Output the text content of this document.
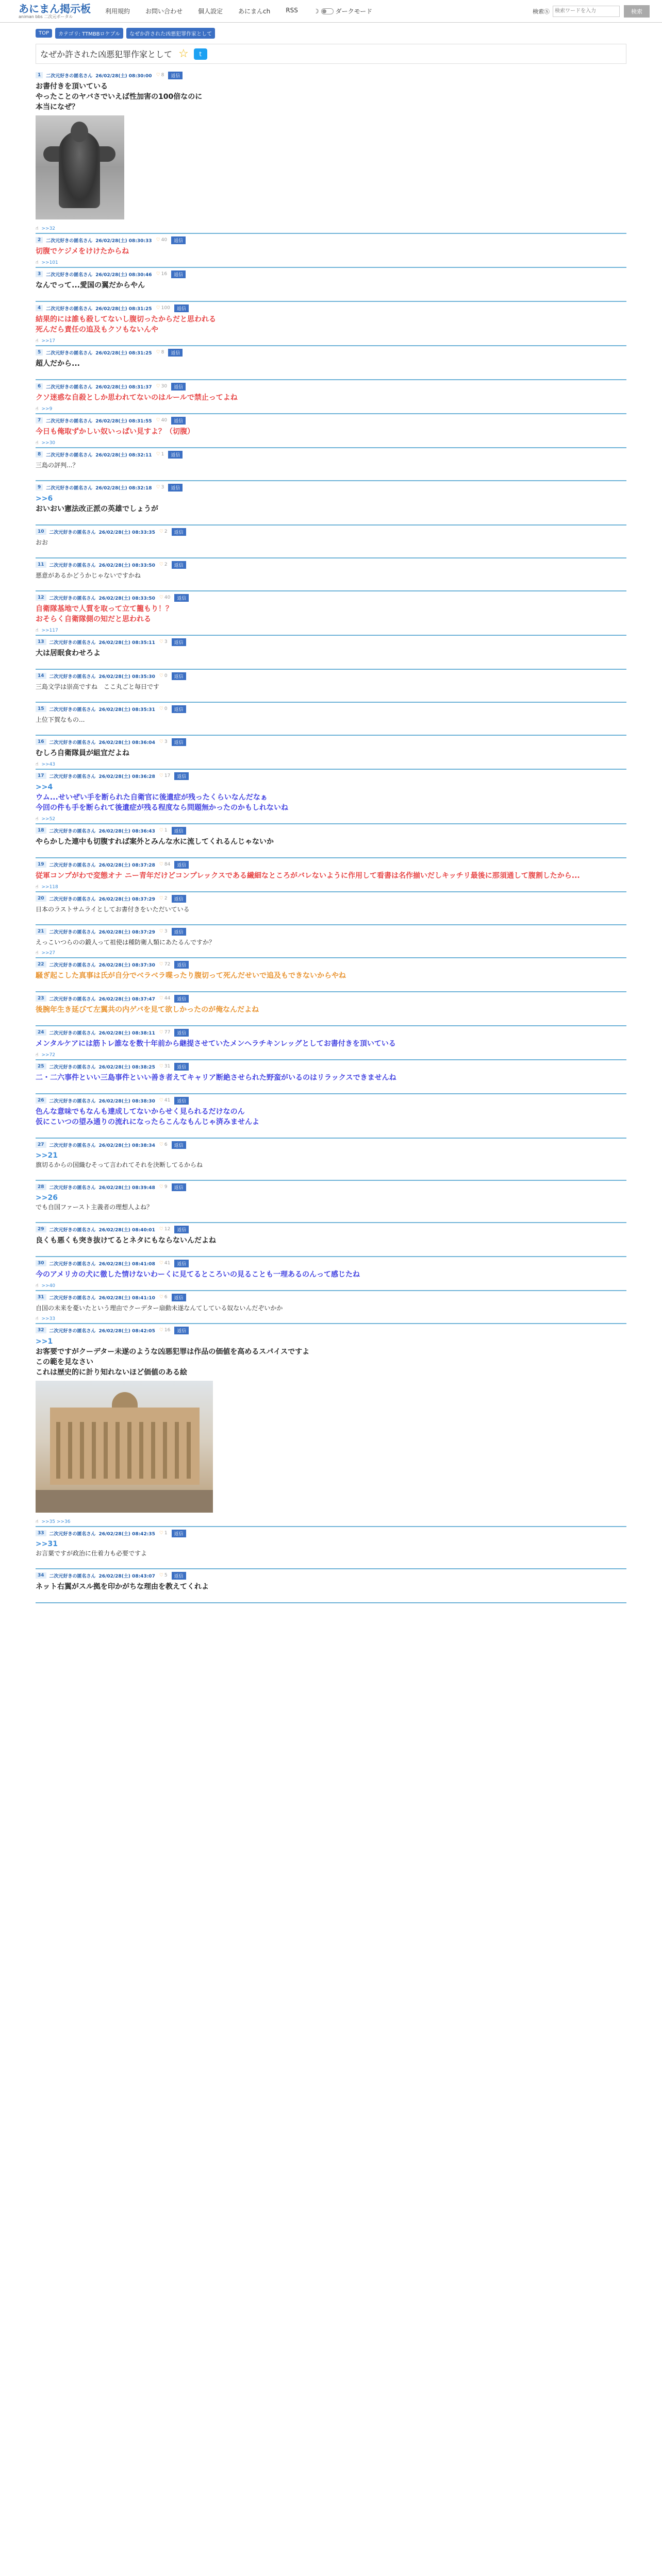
あにまん掲示板
animan bbs 二次元ポータル
利用規約	お問い合わせ	個人設定	あにまんch	RSS	☽	ダークモード	検索Ⓢ
検索ワードを入力	検索
TOP	カテゴリ: TTMBBロケブル	なぜか許された凶悪犯罪作家として
なぜか許された凶悪犯罪作家として ☆	t
1	二次元好きの匿名さん 26/02/28(土) 08:30:00 ♡ 8	返信
お書付きを頂いている
やったことのヤバさでいえば性加害の100倍なのに
本当になぜ？
☝ >>32
2	二次元好きの匿名さん 26/02/28(土) 08:30:33 ♡ 40	返信
切腹でケジメをけけたからね
☝ >>101
3	二次元好きの匿名さん 26/02/28(土) 08:30:46 ♡ 16	返信
なんでって...愛国の翼だからやん
4	二次元好きの匿名さん 26/02/28(土) 08:31:25 ♡ 100	返信
結果的には誰も殺してないし腹切ったからだと思われる
死んだら責任の追及もクソもないんや
☝ >>17
5	二次元好きの匿名さん 26/02/28(土) 08:31:25 ♡ 8	返信
超人だから...
6	二次元好きの匿名さん 26/02/28(土) 08:31:37 ♡ 30	返信
クソ迷惑な自殺としか思われてないのはルールで禁止ってよね
☝ >>9
7	二次元好きの匿名さん 26/02/28(土) 08:31:55 ♡ 40	返信
今日も俺取ずかしい奴いっぱい見すよ？（切腹）
☝ >>30
8	二次元好きの匿名さん 26/02/28(土) 08:32:11 ♡ 1	返信
三島の評判...？
9	二次元好きの匿名さん 26/02/28(土) 08:32:18 ♡ 3	返信
>>6
おいおい憲法改正派の英雄でしょうが
10	二次元好きの匿名さん 26/02/28(土) 08:33:35 ♡ 2	返信
おお
11	二次元好きの匿名さん 26/02/28(土) 08:33:50 ♡ 2	返信
悪意があるかどうかじゃないですかね
12	二次元好きの匿名さん 26/02/28(土) 08:33:50 ♡ 40	返信
自衛隊基地で人質を取って立て籠もり！？
おそらく自衛隊側の知だと思われる
☝ >>117
13	二次元好きの匿名さん 26/02/28(土) 08:35:11 ♡ 3	返信
大は居眠食わせろよ
14	二次元好きの匿名さん 26/02/28(土) 08:35:30 ♡ 0	返信
三島文学は崇高ですね　ここ丸ごと毎日です
15	二次元好きの匿名さん 26/02/28(土) 08:35:31 ♡ 0	返信
上位下賀なもの...
16	二次元好きの匿名さん 26/02/28(土) 08:36:04 ♡ 3	返信
むしろ自衛隊員が組宜だよね
☝ >>43
17	二次元好きの匿名さん 26/02/28(土) 08:36:28 ♡ 17	返信
>>4
ウム...せいぜい手を断られた自衛官に後遺症が残ったくらいなんだなぁ
今回の件も手を断られて後遺症が残る程度なら問題無かったのかもしれないね
☝ >>52
18	二次元好きの匿名さん 26/02/28(土) 08:36:43 ♡ 1	返信
やらかした連中も切腹すれば案外とみんな水に流してくれるんじゃないか
19	二次元好きの匿名さん 26/02/28(土) 08:37:28 ♡ 84	返信
従軍コンプがわで変態オナ ニー青年だけどコンプレックスである繊細なところがバレないように作用して看書は名作揃いだしキッチリ最後に那須通して腹割したから...
☝ >>118
20	二次元好きの匿名さん 26/02/28(土) 08:37:29 ♡ 2	返信
日本のラストサムライとしてお書付きをいただいている
21	二次元好きの匿名さん 26/02/28(土) 08:37:29 ♡ 3	返信
えっこいつらのの鍛人って祖使は種防衛人類にあたるんですか？
☝ >>27
22	二次元好きの匿名さん 26/02/28(土) 08:37:30 ♡ 72	返信
騒ぎ起こした真事は氏が自分でベラベラ喋ったり腹切って死んだせいで追及もできないからやね
23	二次元好きの匿名さん 26/02/28(土) 08:37:47 ♡ 44	返信
後腕年生き延びて左翼共の内ゲバを見て欲しかったのが俺なんだよね
24	二次元好きの匿名さん 26/02/28(土) 08:38:11 ♡ 77	返信
メンタルケアには筋トレ誰なを数十年前から継提させていたメンヘラチキンレッグとしてお書付きを頂いている
☝ >>72
25	二次元好きの匿名さん 26/02/28(土) 08:38:25 ♡ 31	返信
二・二六事件といい三島事件といい善き者えてキャリア断絶させられた野蛮がいるのはリラックスできませんね
26	二次元好きの匿名さん 26/02/28(土) 08:38:30 ♡ 41	返信
色んな意味でもなんも達成してないからせく見られるだけなのん
仮にこいつの望み通りの流れになったらこんなもんじゃ済みませんよ
27	二次元好きの匿名さん 26/02/28(土) 08:38:34 ♡ 6	返信
>>21
旗切るからの国織むそって言われてそれを決断してるからね
28	二次元好きの匿名さん 26/02/28(土) 08:39:48 ♡ 9	返信
>>26
でも自国ファースト主義者の理想人よね？
29	二次元好きの匿名さん 26/02/28(土) 08:40:01 ♡ 12	返信
良くも悪くも突き抜けてるとネタにもならないんだよね
30	二次元好きの匿名さん 26/02/28(土) 08:41:08 ♡ 41	返信
今のアメリカの犬に徹した情けないわーくに見てるところいの見ることも一理あるのんって感じたね
☝ >>40
31	二次元好きの匿名さん 26/02/28(土) 08:41:10 ♡ 6	返信
自国の未来を憂いたという理由でクーデター扇動未遂なんてしている奴ないんだぞいかか
☝ >>33
32	二次元好きの匿名さん 26/02/28(土) 08:42:05 ♡ 16	返信
>>1
お客要ですがクーデター未遂のような凶悪犯罪は作品の価値を高めるスパイスですよ
この範を見なさい
これは歴史的に計り知れないほど価値のある絵
☝ >>35 >>36
33	二次元好きの匿名さん 26/02/28(土) 08:42:35 ♡ 1	返信
>>31
お言葉ですが政治に仕着力も必要ですよ
34	二次元好きの匿名さん 26/02/28(土) 08:43:07 ♡ 5	返信
ネット右翼がスル拠を印かがちな理由を教えてくれよ
